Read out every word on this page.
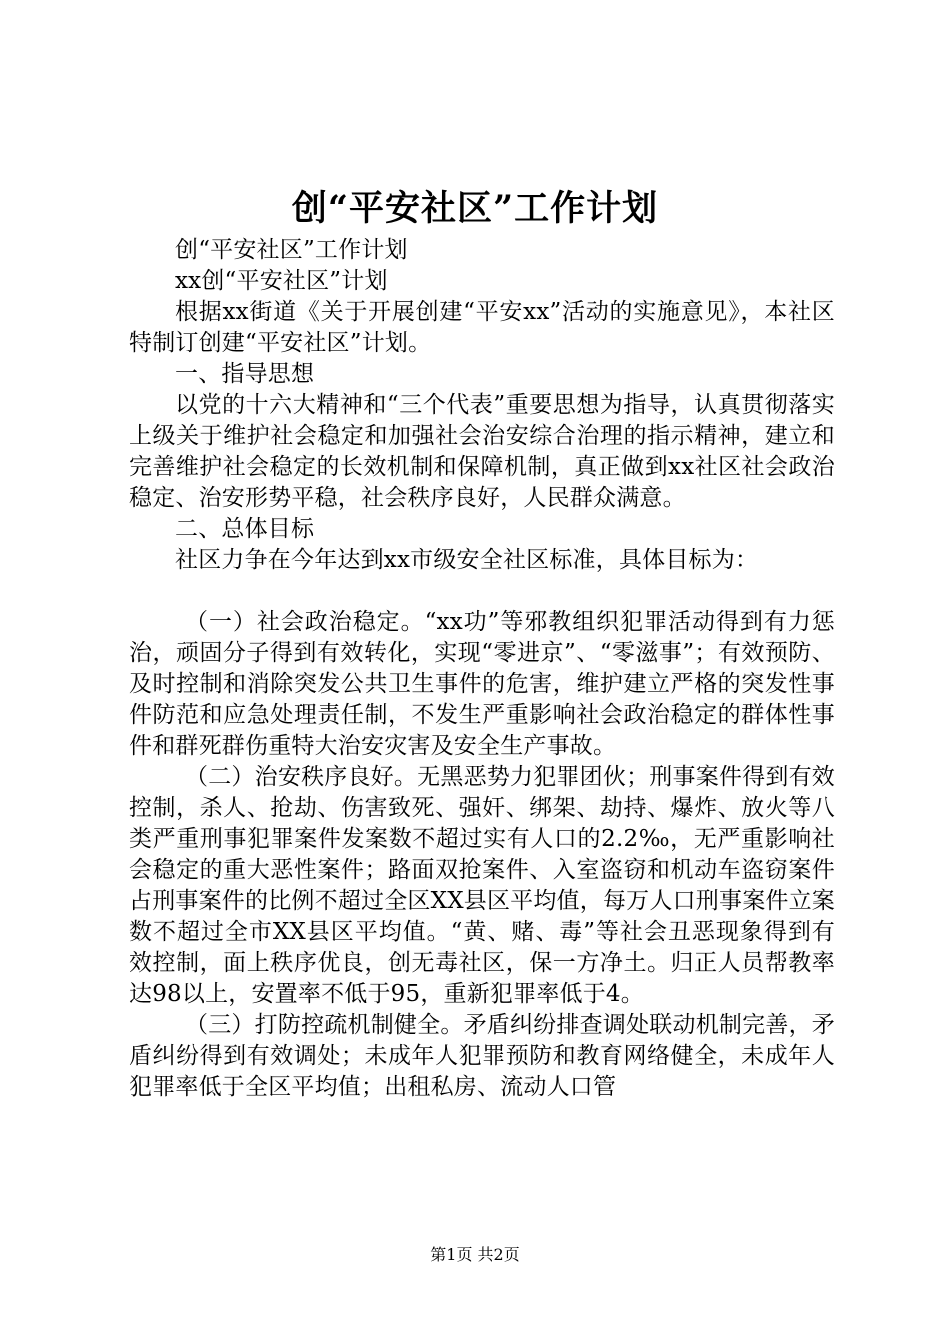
创“平安社区”工作计划

创“平安社区”工作计划

xx创“平安社区”计划

根据xx街道《关于开展创建“平安xx”活动的实施意见》，本社区特制订创建“平安社区”计划。

一、指导思想

以党的十六大精神和“三个代表”重要思想为指导，认真贯彻落实上级关于维护社会稳定和加强社会治安综合治理的指示精神，建立和完善维护社会稳定的长效机制和保障机制，真正做到xx社区社会政治稳定、治安形势平稳，社会秩序良好，人民群众满意。

二、总体目标

社区力争在今年达到xx市级安全社区标准，具体目标为：

（一）社会政治稳定。“xx功”等邪教组织犯罪活动得到有力惩治，顽固分子得到有效转化，实现“零进京”、“零滋事”；有效预防、及时控制和消除突发公共卫生事件的危害，维护建立严格的突发性事件防范和应急处理责任制，不发生严重影响社会政治稳定的群体性事件和群死群伤重特大治安灾害及安全生产事故。

（二）治安秩序良好。无黑恶势力犯罪团伙；刑事案件得到有效控制，杀人、抢劫、伤害致死、强奸、绑架、劫持、爆炸、放火等八类严重刑事犯罪案件发案数不超过实有人口的2.2‰，无严重影响社会稳定的重大恶性案件；路面双抢案件、入室盗窃和机动车盗窃案件占刑事案件的比例不超过全区XX县区平均值，每万人口刑事案件立案数不超过全市XX县区平均值。“黄、赌、毒”等社会丑恶现象得到有效控制，面上秩序优良，创无毒社区，保一方净土。归正人员帮教率达98以上，安置率不低于95，重新犯罪率低于4。

（三）打防控疏机制健全。矛盾纠纷排查调处联动机制完善，矛盾纠纷得到有效调处；未成年人犯罪预防和教育网络健全，未成年人犯罪率低于全区平均值；出租私房、流动人口管

第1页 共2页
